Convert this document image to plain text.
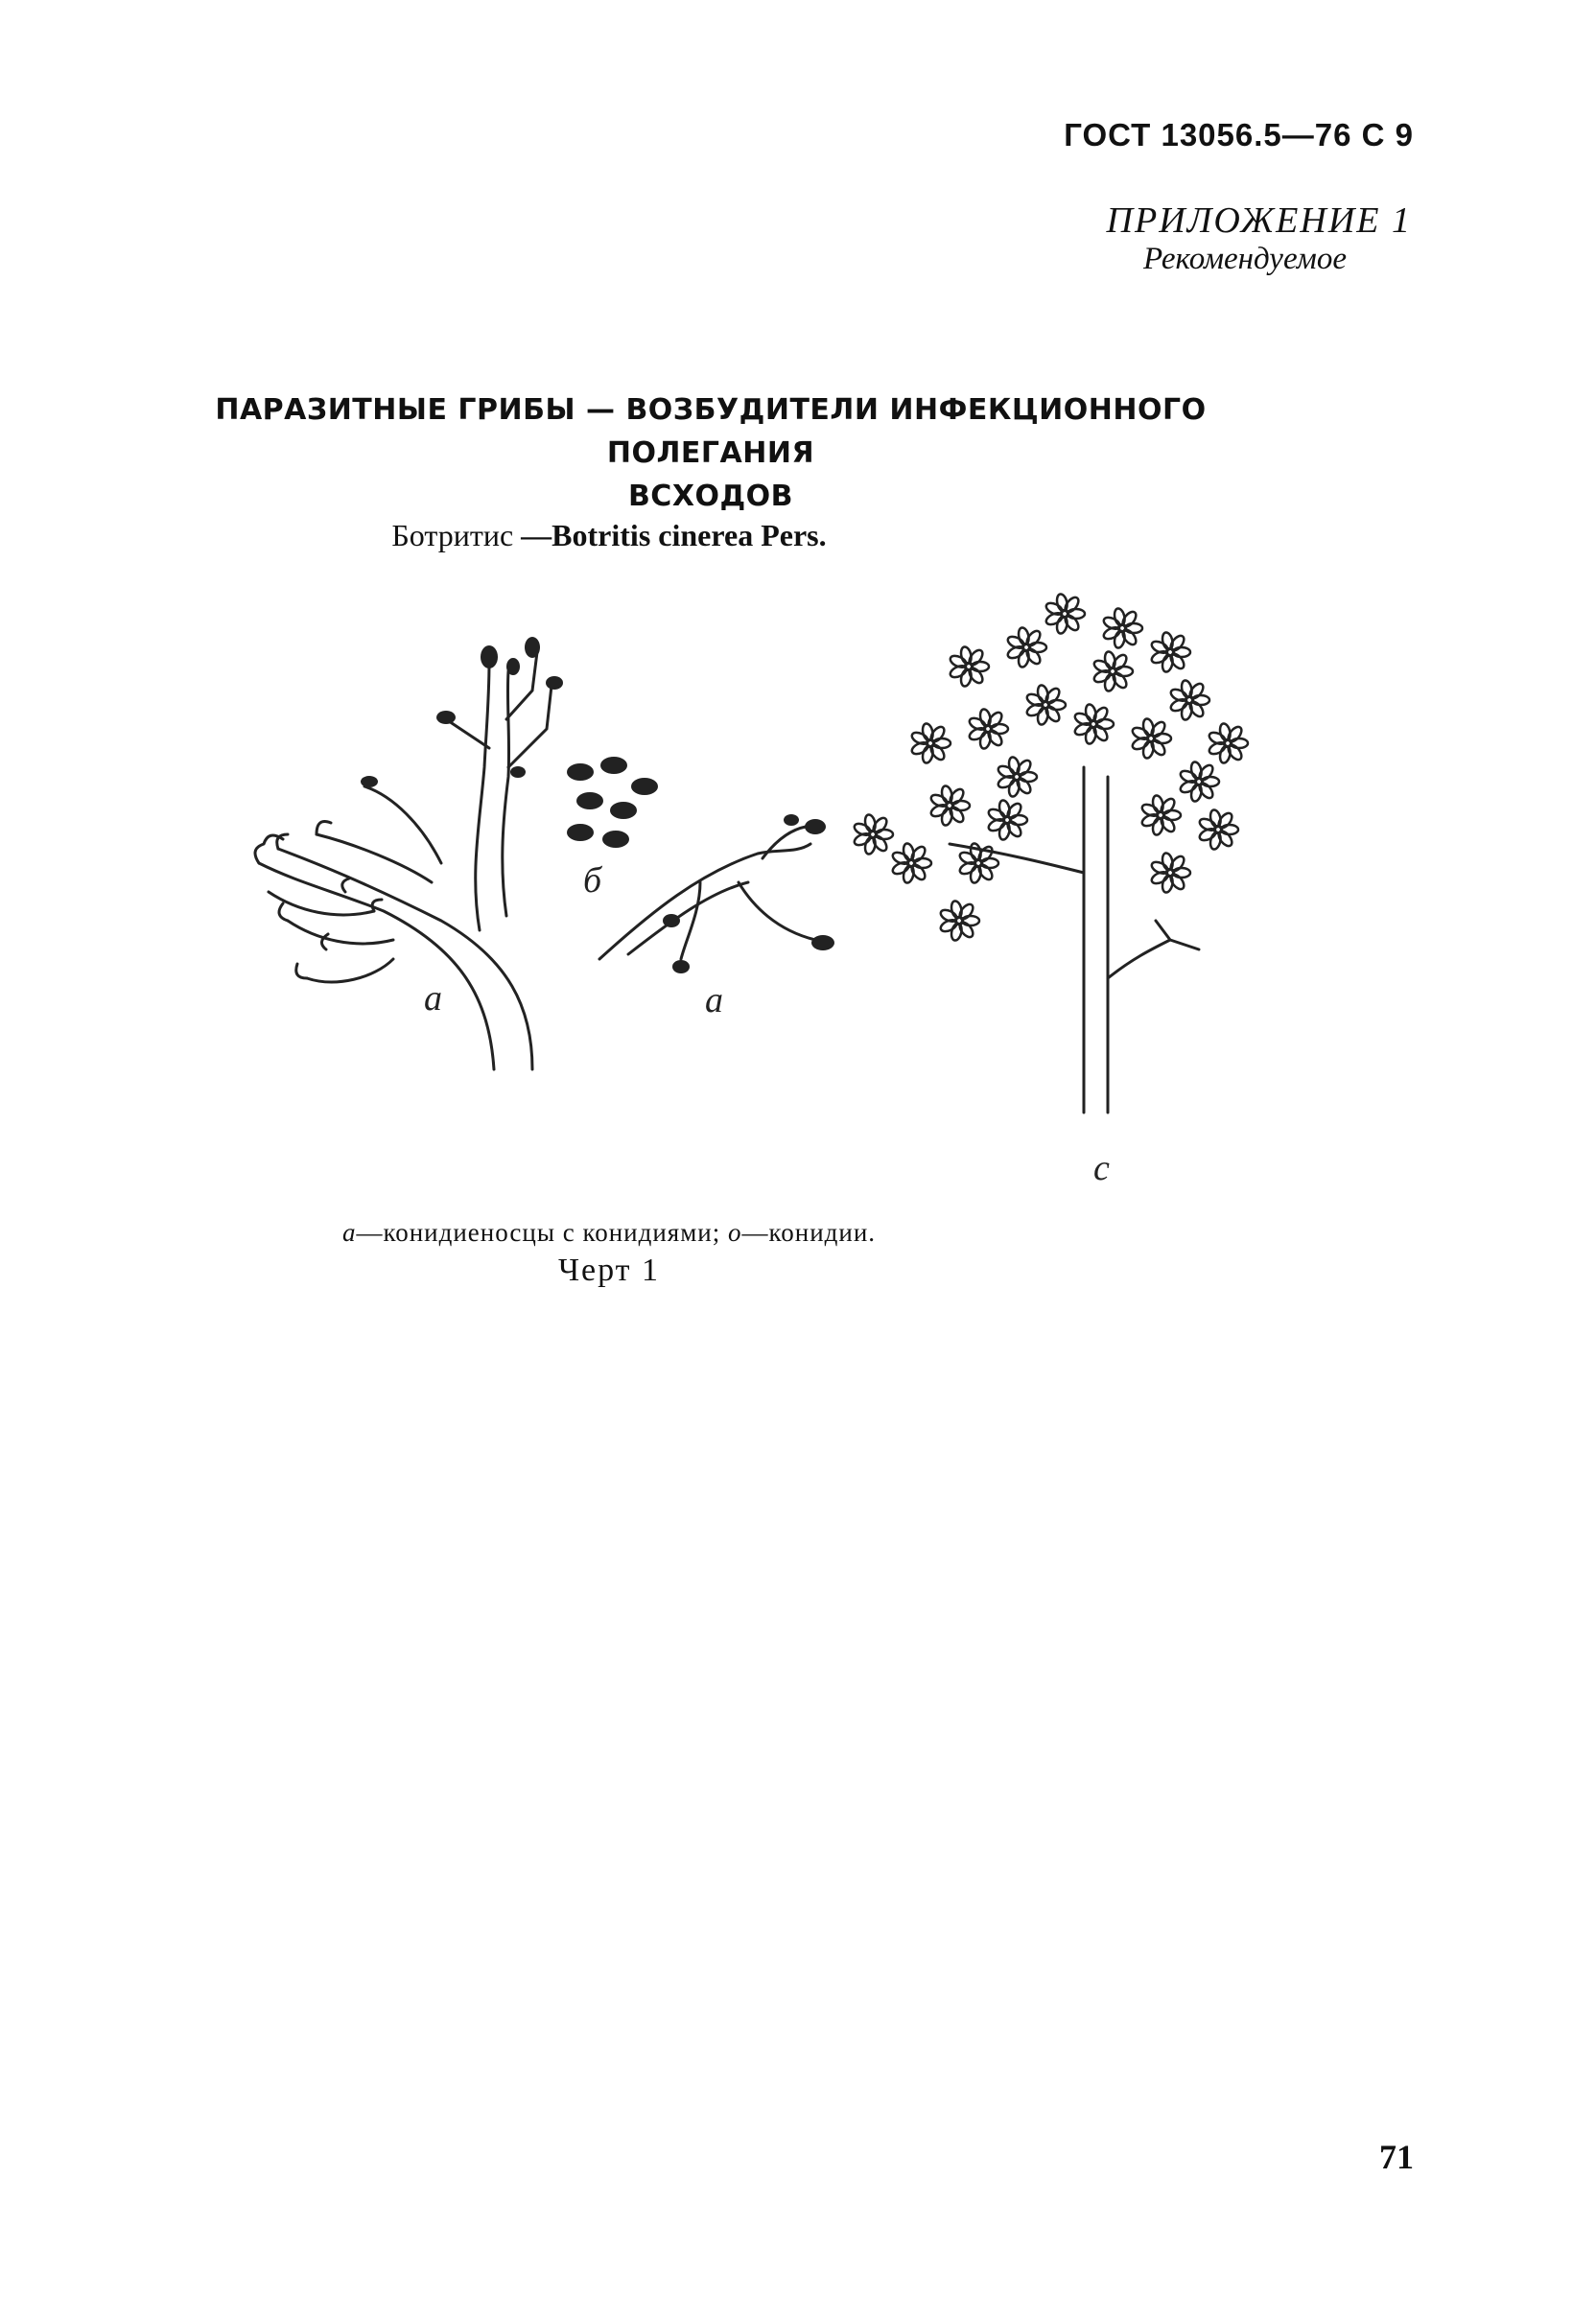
ГОСТ 13056.5—76 С 9
ПРИЛОЖЕНИЕ 1
Рекомендуемое
ПАРАЗИТНЫЕ ГРИБЫ — ВОЗБУДИТЕЛИ ИНФЕКЦИОННОГО ПОЛЕГАНИЯ
ВСХОДОВ
Ботритис —Botritis cinerea Pers.
а
б
а
с
а—конидиеносцы с конидиями; о—конидии.
Черт 1
71
